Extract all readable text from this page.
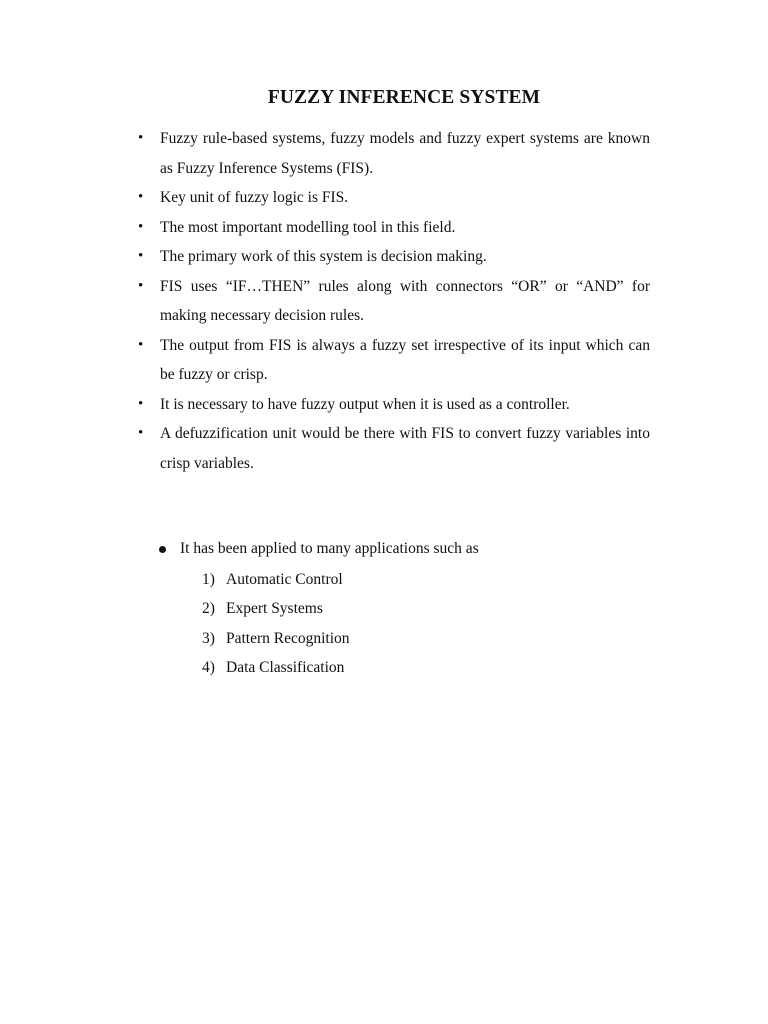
FUZZY INFERENCE SYSTEM
• Fuzzy rule-based systems, fuzzy models and fuzzy expert systems are known as Fuzzy Inference Systems (FIS).
• Key unit of fuzzy logic is FIS.
• The most important modelling tool in this field.
• The primary work of this system is decision making.
• FIS uses “IF…THEN” rules along with connectors “OR” or “AND” for making necessary decision rules.
• The output from FIS is always a fuzzy set irrespective of its input which can be fuzzy or crisp.
• It is necessary to have fuzzy output when it is used as a controller.
• A defuzzification unit would be there with FIS to convert fuzzy variables into crisp variables.
It has been applied to many applications such as
1) Automatic Control
2) Expert Systems
3) Pattern Recognition
4) Data Classification
